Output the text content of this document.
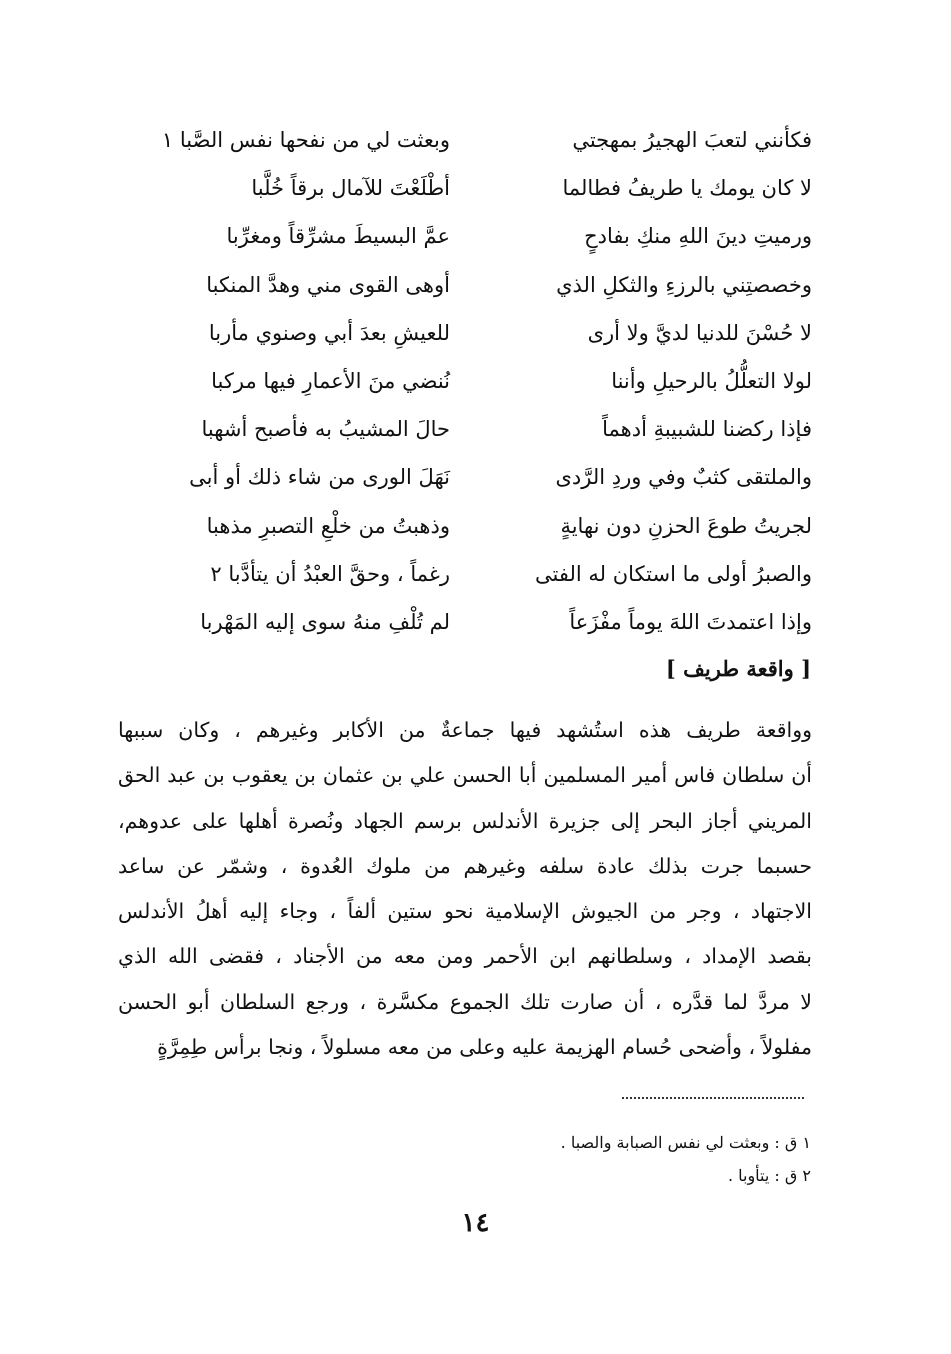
فكأنني لتعبَ الهجيرُ بمهجتي
وبعثت لي من نفحها نفس الصَّبا ١
لا كان يومك يا طريفُ فطالما
أطْلَعْتَ للآمال برقاً خُلَّبا
ورميتِ دينَ اللهِ منكِ بفادحٍ
عمَّ البسيطَ مشرِّقاً ومغرِّبا
وخصصتِني بالرزءِ والثكلِ الذي
أوهى القوى مني وهدَّ المنكبا
لا حُسْنَ للدنيا لديَّ ولا أرى
للعيشِ بعدَ أبي وصنوي مأربا
لولا التعلُّلُ بالرحيلِ وأننا
نُنضي منَ الأعمارِ فيها مركبا
فإذا ركضنا للشبيبةِ أدهماً
حالَ المشيبُ به فأصبح أشهبا
والملتقى كثبٌ وفي وردِ الرَّدى
نَهَلَ الورى من شاء ذلك أو أبى
لجريتُ طوعَ الحزنِ دون نهايةٍ
وذهبتُ من خلْعِ التصبرِ مذهبا
والصبرُ أولى ما استكان له الفتى
رغماً ، وحقَّ العبْدُ أن يتأدَّبا ٢
وإذا اعتمدتَ اللهَ يوماً مفْزَعاً
لم تُلْفِ منهُ سوى إليه المَهْربا
[ واقعة طريف ]
وواقعة طريف هذه استُشهد فيها جماعةٌ من الأكابر وغيرهم ، وكان سببها
أن سلطان فاس أمير المسلمين أبا الحسن علي بن عثمان بن يعقوب بن عبد الحق
المريني أجاز البحر إلى جزيرة الأندلس برسم الجهاد ونُصرة أهلها على عدوهم،
حسبما جرت بذلك عادة سلفه وغيرهم من ملوك العُدوة ، وشمّر عن ساعد
الاجتهاد ، وجر من الجيوش الإسلامية نحو ستين ألفاً ، وجاء إليه أهلُ الأندلس
بقصد الإمداد ، وسلطانهم ابن الأحمر ومن معه من الأجناد ، فقضى الله الذي
لا مردَّ لما قدَّره ، أن صارت تلك الجموع مكسَّرة ، ورجع السلطان أبو الحسن
مفلولاً ، وأضحى حُسام الهزيمة عليه وعلى من معه مسلولاً ، ونجا برأس طِمِرَّةٍ
١ ق : وبعثت لي نفس الصبابة والصبا .
٢ ق : يتأوبا .
١٤
